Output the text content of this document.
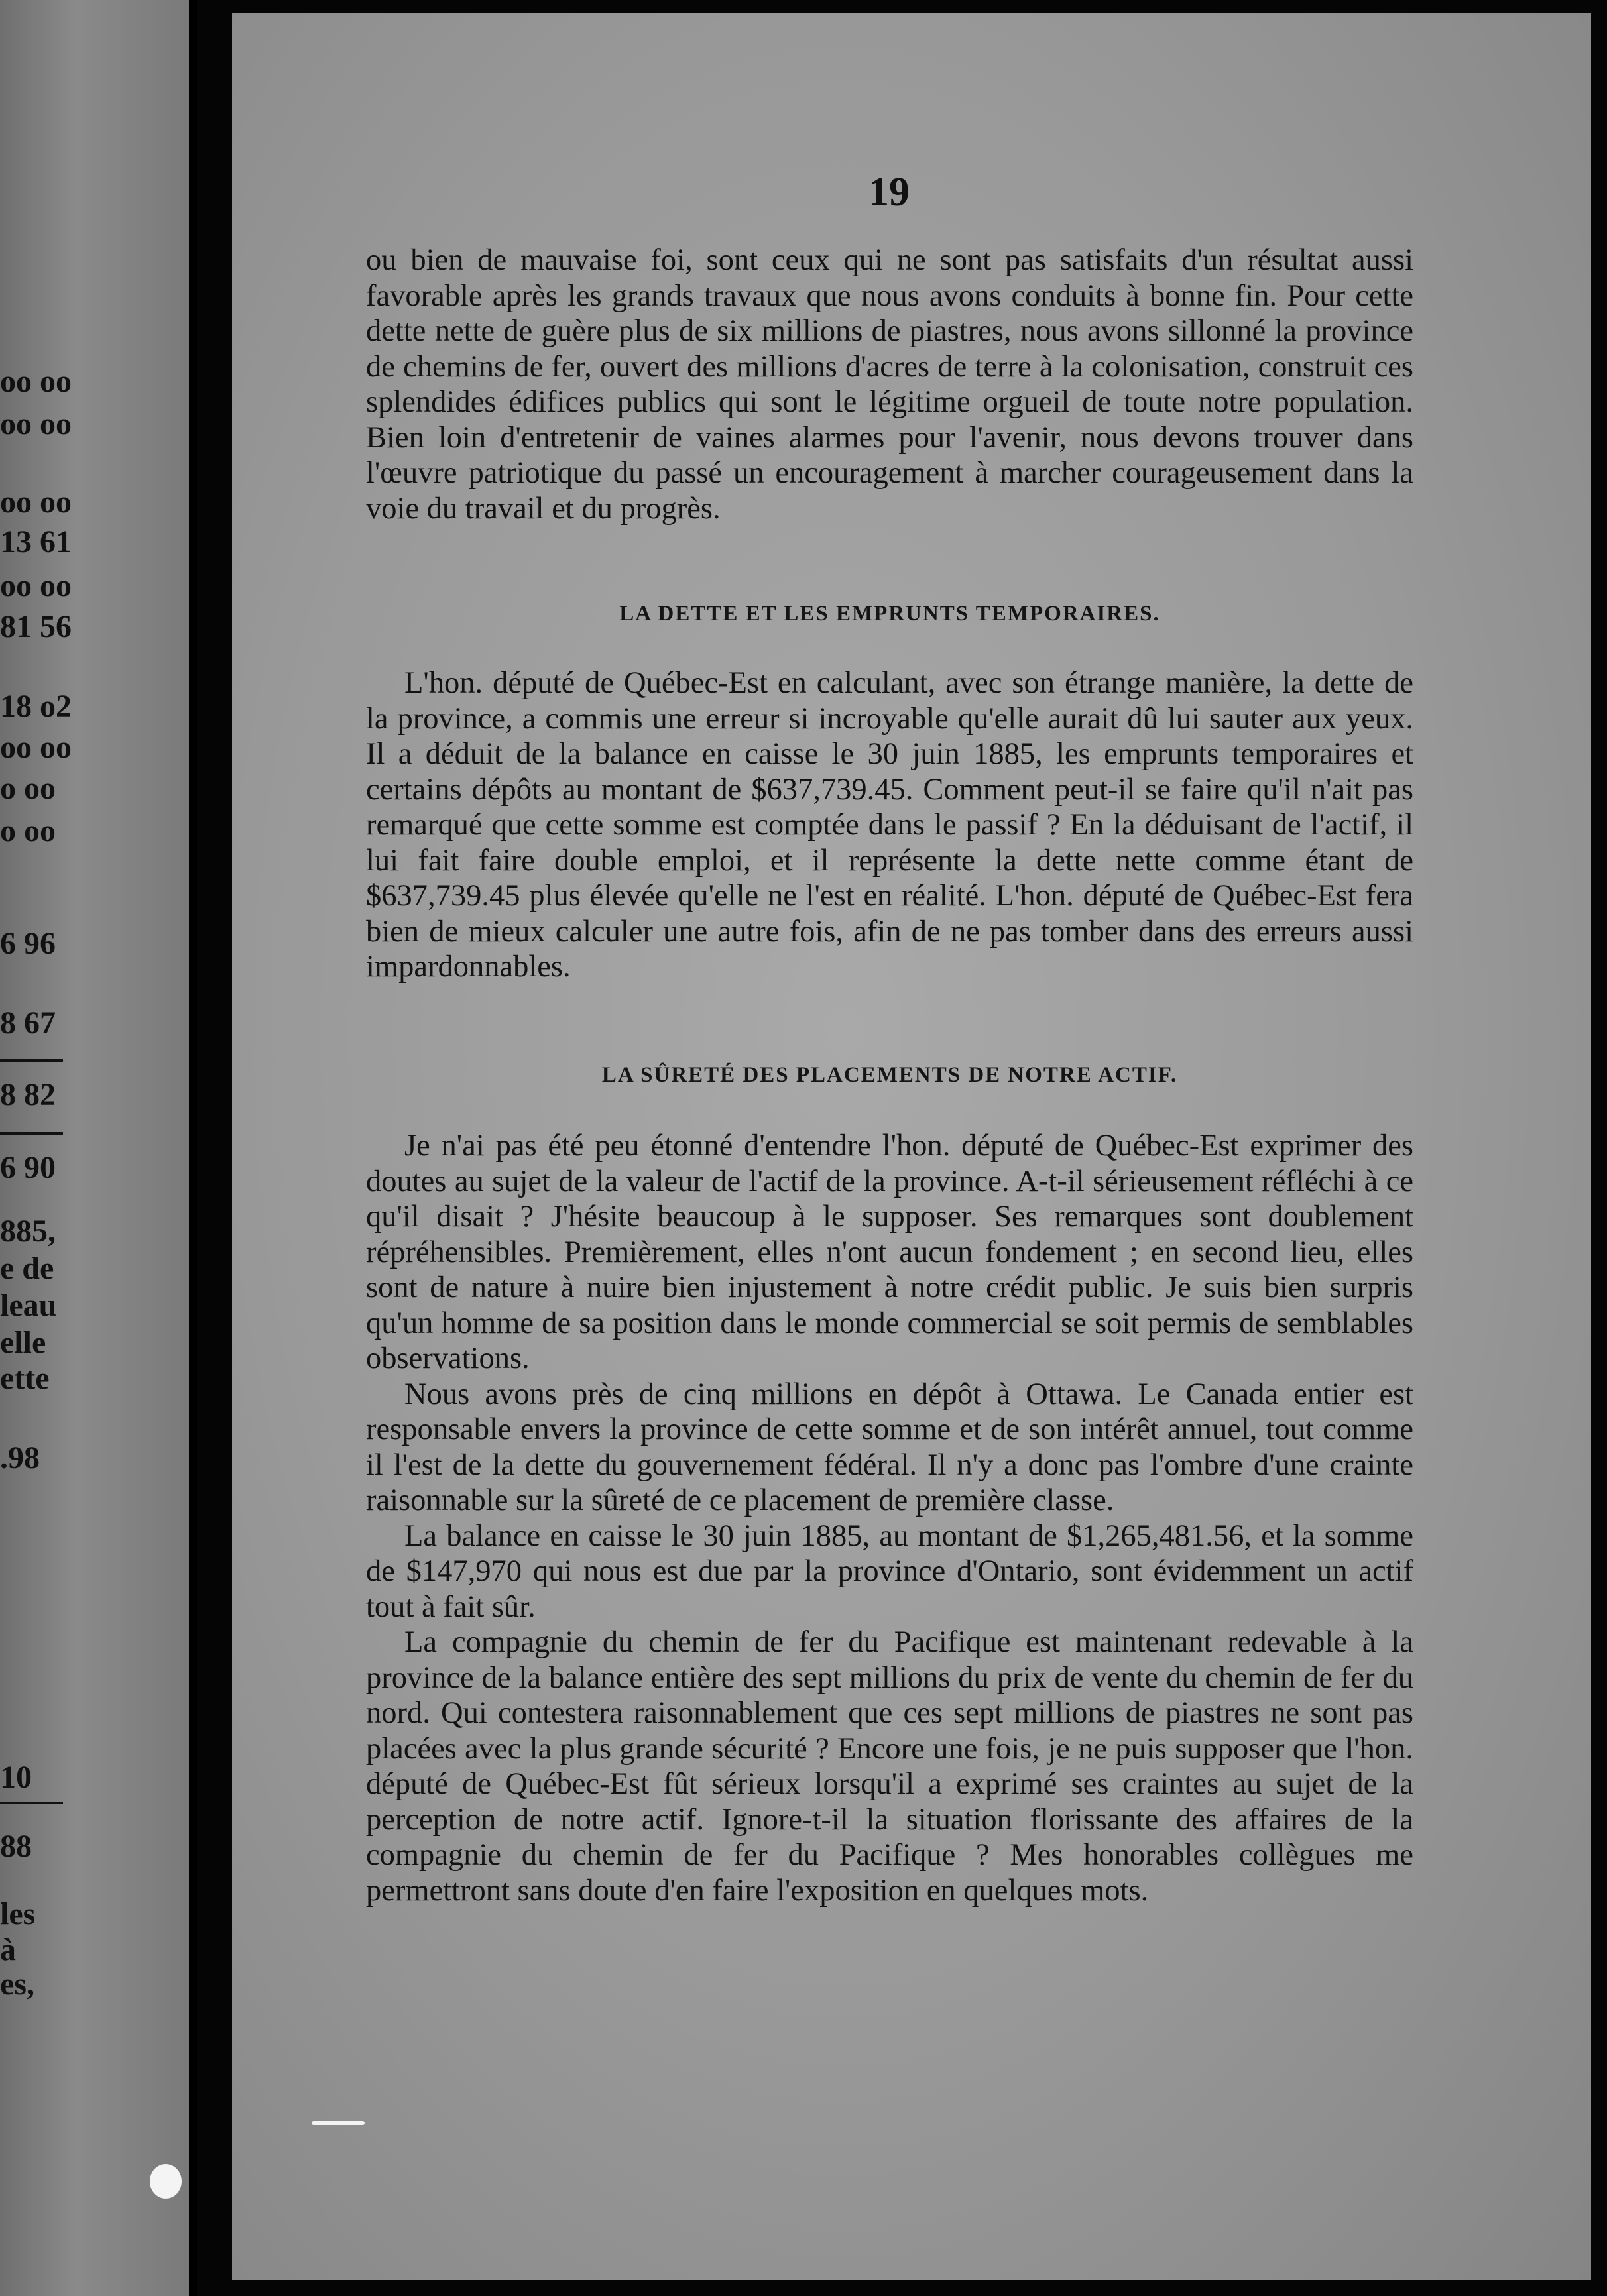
oo oo
oo oo
oo oo
13 61
oo oo
81 56
18 o2
oo oo
o oo
o oo
6 96
8 67
8 82
6 90
885,
e de
leau
elle
ette
.98
10
88
les
à
es,
19

ou bien de mauvaise foi, sont ceux qui ne sont pas satisfaits d'un résultat aussi favorable après les grands travaux que nous avons conduits à bonne fin. Pour cette dette nette de guère plus de six millions de piastres, nous avons sillonné la province de chemins de fer, ouvert des millions d'acres de terre à la colonisation, construit ces splendides édifices publics qui sont le légitime orgueil de toute notre population. Bien loin d'entretenir de vaines alarmes pour l'avenir, nous devons trouver dans l'œuvre patriotique du passé un encouragement à marcher courageusement dans la voie du travail et du progrès.

LA DETTE ET LES EMPRUNTS TEMPORAIRES.

L'hon. député de Québec-Est en calculant, avec son étrange manière, la dette de la province, a commis une erreur si incroyable qu'elle aurait dû lui sauter aux yeux. Il a déduit de la balance en caisse le 30 juin 1885, les emprunts temporaires et certains dépôts au montant de $637,739.45. Comment peut-il se faire qu'il n'ait pas remarqué que cette somme est comptée dans le passif ? En la déduisant de l'actif, il lui fait faire double emploi, et il représente la dette nette comme étant de $637,739.45 plus élevée qu'elle ne l'est en réalité. L'hon. député de Québec-Est fera bien de mieux calculer une autre fois, afin de ne pas tomber dans des erreurs aussi impardonnables.

LA SÛRETÉ DES PLACEMENTS DE NOTRE ACTIF.

Je n'ai pas été peu étonné d'entendre l'hon. député de Québec-Est exprimer des doutes au sujet de la valeur de l'actif de la province. A-t-il sérieusement réfléchi à ce qu'il disait ? J'hésite beaucoup à le supposer. Ses remarques sont doublement répréhensibles. Premièrement, elles n'ont aucun fondement ; en second lieu, elles sont de nature à nuire bien injustement à notre crédit public. Je suis bien surpris qu'un homme de sa position dans le monde commercial se soit permis de semblables observations.

Nous avons près de cinq millions en dépôt à Ottawa. Le Canada entier est responsable envers la province de cette somme et de son intérêt annuel, tout comme il l'est de la dette du gouvernement fédéral. Il n'y a donc pas l'ombre d'une crainte raisonnable sur la sûreté de ce placement de première classe.

La balance en caisse le 30 juin 1885, au montant de $1,265,481.56, et la somme de $147,970 qui nous est due par la province d'Ontario, sont évidemment un actif tout à fait sûr.

La compagnie du chemin de fer du Pacifique est maintenant redevable à la province de la balance entière des sept millions du prix de vente du chemin de fer du nord. Qui contestera raisonnablement que ces sept millions de piastres ne sont pas placées avec la plus grande sécurité ? Encore une fois, je ne puis supposer que l'hon. député de Québec-Est fût sérieux lorsqu'il a exprimé ses craintes au sujet de la perception de notre actif. Ignore-t-il la situation florissante des affaires de la compagnie du chemin de fer du Pacifique ? Mes honorables collègues me permettront sans doute d'en faire l'exposition en quelques mots.
